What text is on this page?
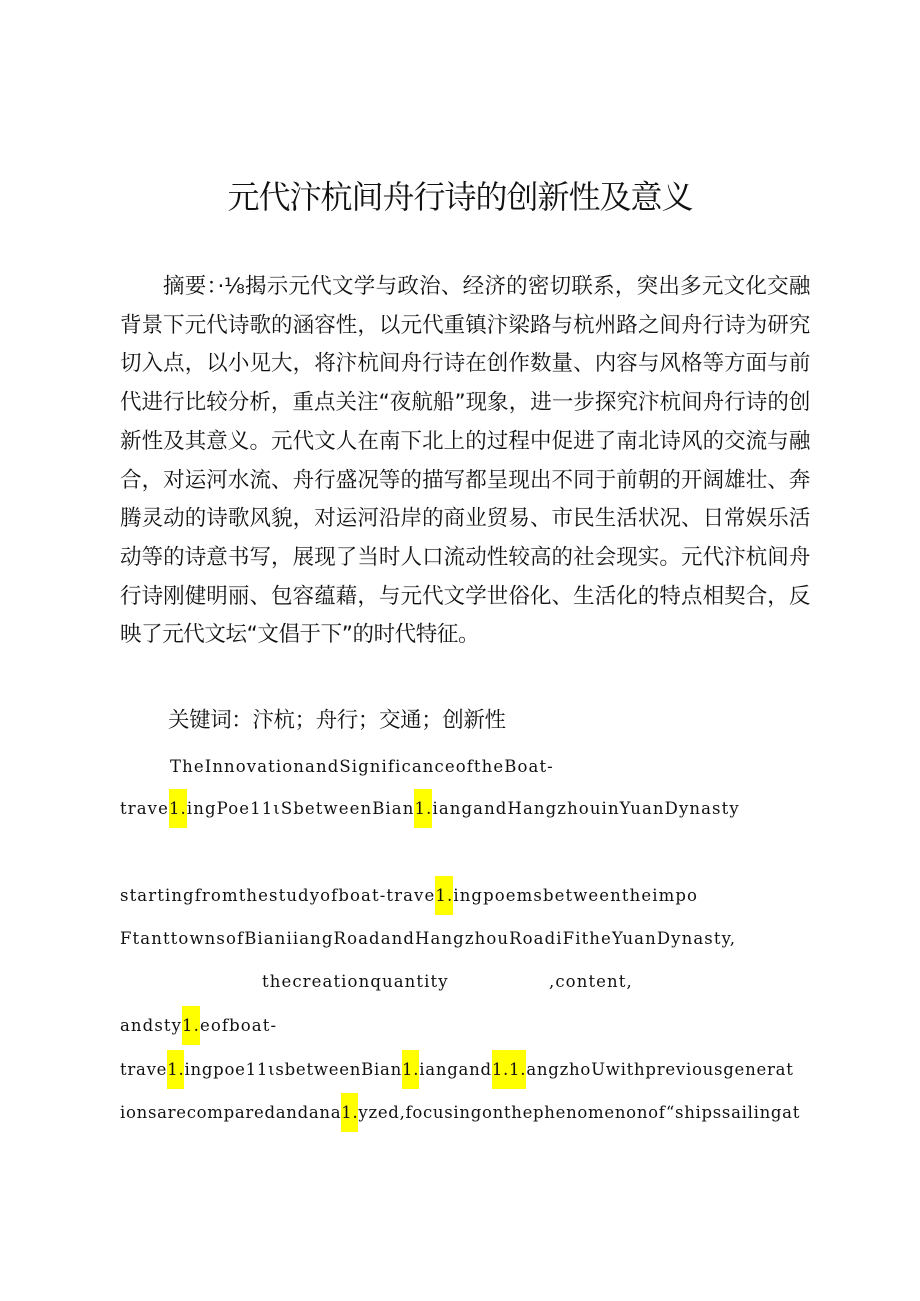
元代汴杭间舟行诗的创新性及意义

摘要：·⅛揭示元代文学与政治、经济的密切联系，突出多元文化交融背景下元代诗歌的涵容性，以元代重镇汴梁路与杭州路之间舟行诗为研究切入点，以小见大，将汴杭间舟行诗在创作数量、内容与风格等方面与前代进行比较分析，重点关注“夜航船”现象，进一步探究汴杭间舟行诗的创新性及其意义。元代文人在南下北上的过程中促进了南北诗风的交流与融合，对运河水流、舟行盛况等的描写都呈现出不同于前朝的开阔雄壮、奔腾灵动的诗歌风貌，对运河沿岸的商业贸易、市民生活状况、日常娱乐活动等的诗意书写，展现了当时人口流动性较高的社会现实。元代汴杭间舟行诗刚健明丽、包容蕴藉，与元代文学世俗化、生活化的特点相契合，反映了元代文坛“文倡于下”的时代特征。

关键词：汴杭；舟行；交通；创新性

TheInnovationandSignificanceoftheBoat-
trave1.ingPoe11ιSbetweenBian1.iangandHangzhouinYuanDynasty
startingfromthestudyofboat-trave1.ingpoemsbetweentheimpo
FtanttownsofBianiiangRoadandHangzhouRoadiFitheYuanDynasty,
thecreationquantity	,content,
andsty1.eofboat-
trave1.ingpoe11ιsbetweenBian1.iangand1.1.angzhoUwithpreviousgenerat
ionsarecomparedandana1.yzed,focusingonthephenomenonof“shipssailingat
